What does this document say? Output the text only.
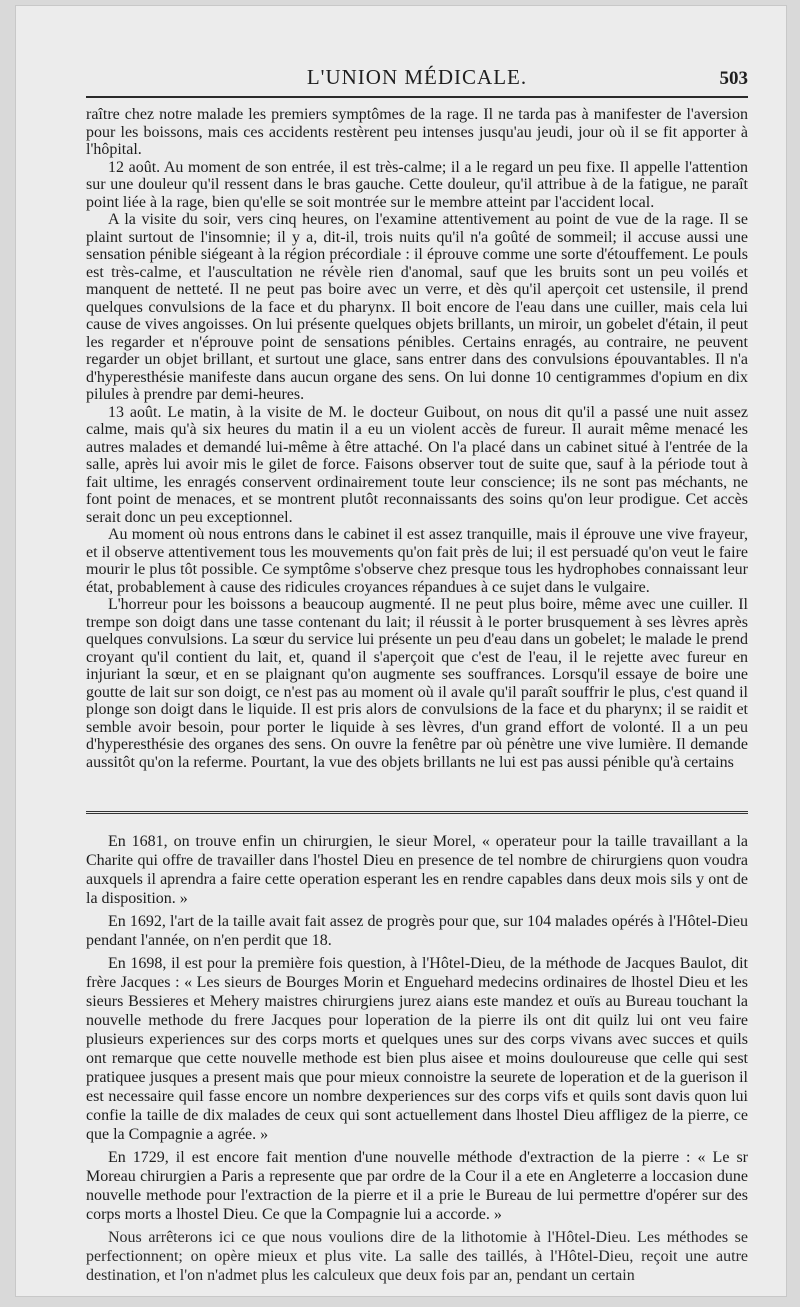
L'UNION MÉDICALE.	503

raître chez notre malade les premiers symptômes de la rage. Il ne tarda pas à manifester de l'aversion pour les boissons, mais ces accidents restèrent peu intenses jusqu'au jeudi, jour où il se fit apporter à l'hôpital.

12 août. Au moment de son entrée, il est très-calme; il a le regard un peu fixe. Il appelle l'attention sur une douleur qu'il ressent dans le bras gauche. Cette douleur, qu'il attribue à de la fatigue, ne paraît point liée à la rage, bien qu'elle se soit montrée sur le membre atteint par l'accident local.

A la visite du soir, vers cinq heures, on l'examine attentivement au point de vue de la rage. Il se plaint surtout de l'insomnie; il y a, dit-il, trois nuits qu'il n'a goûté de sommeil; il accuse aussi une sensation pénible siégeant à la région précordiale : il éprouve comme une sorte d'étouffement. Le pouls est très-calme, et l'auscultation ne révèle rien d'anomal, sauf que les bruits sont un peu voilés et manquent de netteté. Il ne peut pas boire avec un verre, et dès qu'il aperçoit cet ustensile, il prend quelques convulsions de la face et du pharynx. Il boit encore de l'eau dans une cuiller, mais cela lui cause de vives angoisses. On lui présente quelques objets brillants, un miroir, un gobelet d'étain, il peut les regarder et n'éprouve point de sensations pénibles. Certains enragés, au contraire, ne peuvent regarder un objet brillant, et surtout une glace, sans entrer dans des convulsions épouvantables. Il n'a d'hyperesthésie manifeste dans aucun organe des sens. On lui donne 10 centigrammes d'opium en dix pilules à prendre par demi-heures.

13 août. Le matin, à la visite de M. le docteur Guibout, on nous dit qu'il a passé une nuit assez calme, mais qu'à six heures du matin il a eu un violent accès de fureur. Il aurait même menacé les autres malades et demandé lui-même à être attaché. On l'a placé dans un cabinet situé à l'entrée de la salle, après lui avoir mis le gilet de force. Faisons observer tout de suite que, sauf à la période tout à fait ultime, les enragés conservent ordinairement toute leur conscience; ils ne sont pas méchants, ne font point de menaces, et se montrent plutôt reconnaissants des soins qu'on leur prodigue. Cet accès serait donc un peu exceptionnel.

Au moment où nous entrons dans le cabinet il est assez tranquille, mais il éprouve une vive frayeur, et il observe attentivement tous les mouvements qu'on fait près de lui; il est persuadé qu'on veut le faire mourir le plus tôt possible. Ce symptôme s'observe chez presque tous les hydrophobes connaissant leur état, probablement à cause des ridicules croyances répandues à ce sujet dans le vulgaire.

L'horreur pour les boissons a beaucoup augmenté. Il ne peut plus boire, même avec une cuiller. Il trempe son doigt dans une tasse contenant du lait; il réussit à le porter brusquement à ses lèvres après quelques convulsions. La sœur du service lui présente un peu d'eau dans un gobelet; le malade le prend croyant qu'il contient du lait, et, quand il s'aperçoit que c'est de l'eau, il le rejette avec fureur en injuriant la sœur, et en se plaignant qu'on augmente ses souffrances. Lorsqu'il essaye de boire une goutte de lait sur son doigt, ce n'est pas au moment où il avale qu'il paraît souffrir le plus, c'est quand il plonge son doigt dans le liquide. Il est pris alors de convulsions de la face et du pharynx; il se raidit et semble avoir besoin, pour porter le liquide à ses lèvres, d'un grand effort de volonté. Il a un peu d'hyperesthésie des organes des sens. On ouvre la fenêtre par où pénètre une vive lumière. Il demande aussitôt qu'on la referme. Pourtant, la vue des objets brillants ne lui est pas aussi pénible qu'à certains

En 1681, on trouve enfin un chirurgien, le sieur Morel, « operateur pour la taille travaillant a la Charite qui offre de travailler dans l'hostel Dieu en presence de tel nombre de chirurgiens quon voudra auxquels il aprendra a faire cette operation esperant les en rendre capables dans deux mois sils y ont de la disposition. »

En 1692, l'art de la taille avait fait assez de progrès pour que, sur 104 malades opérés à l'Hôtel-Dieu pendant l'année, on n'en perdit que 18.

En 1698, il est pour la première fois question, à l'Hôtel-Dieu, de la méthode de Jacques Baulot, dit frère Jacques : « Les sieurs de Bourges Morin et Enguehard medecins ordinaires de lhostel Dieu et les sieurs Bessieres et Mehery maistres chirurgiens jurez aians este mandez et ouïs au Bureau touchant la nouvelle methode du frere Jacques pour loperation de la pierre ils ont dit quilz lui ont veu faire plusieurs experiences sur des corps morts et quelques unes sur des corps vivans avec succes et quils ont remarque que cette nouvelle methode est bien plus aisee et moins douloureuse que celle qui sest pratiquee jusques a present mais que pour mieux connoistre la seurete de loperation et de la guerison il est necessaire quil fasse encore un nombre dexperiences sur des corps vifs et quils sont davis quon lui confie la taille de dix malades de ceux qui sont actuellement dans lhostel Dieu affligez de la pierre, ce que la Compagnie a agrée. »

En 1729, il est encore fait mention d'une nouvelle méthode d'extraction de la pierre : « Le sr Moreau chirurgien a Paris a represente que par ordre de la Cour il a ete en Angleterre a loccasion dune nouvelle methode pour l'extraction de la pierre et il a prie le Bureau de lui permettre d'opérer sur des corps morts a lhostel Dieu. Ce que la Compagnie lui a accorde. »

Nous arrêterons ici ce que nous voulions dire de la lithotomie à l'Hôtel-Dieu. Les méthodes se perfectionnent; on opère mieux et plus vite. La salle des taillés, à l'Hôtel-Dieu, reçoit une autre destination, et l'on n'admet plus les calculeux que deux fois par an, pendant un certain
